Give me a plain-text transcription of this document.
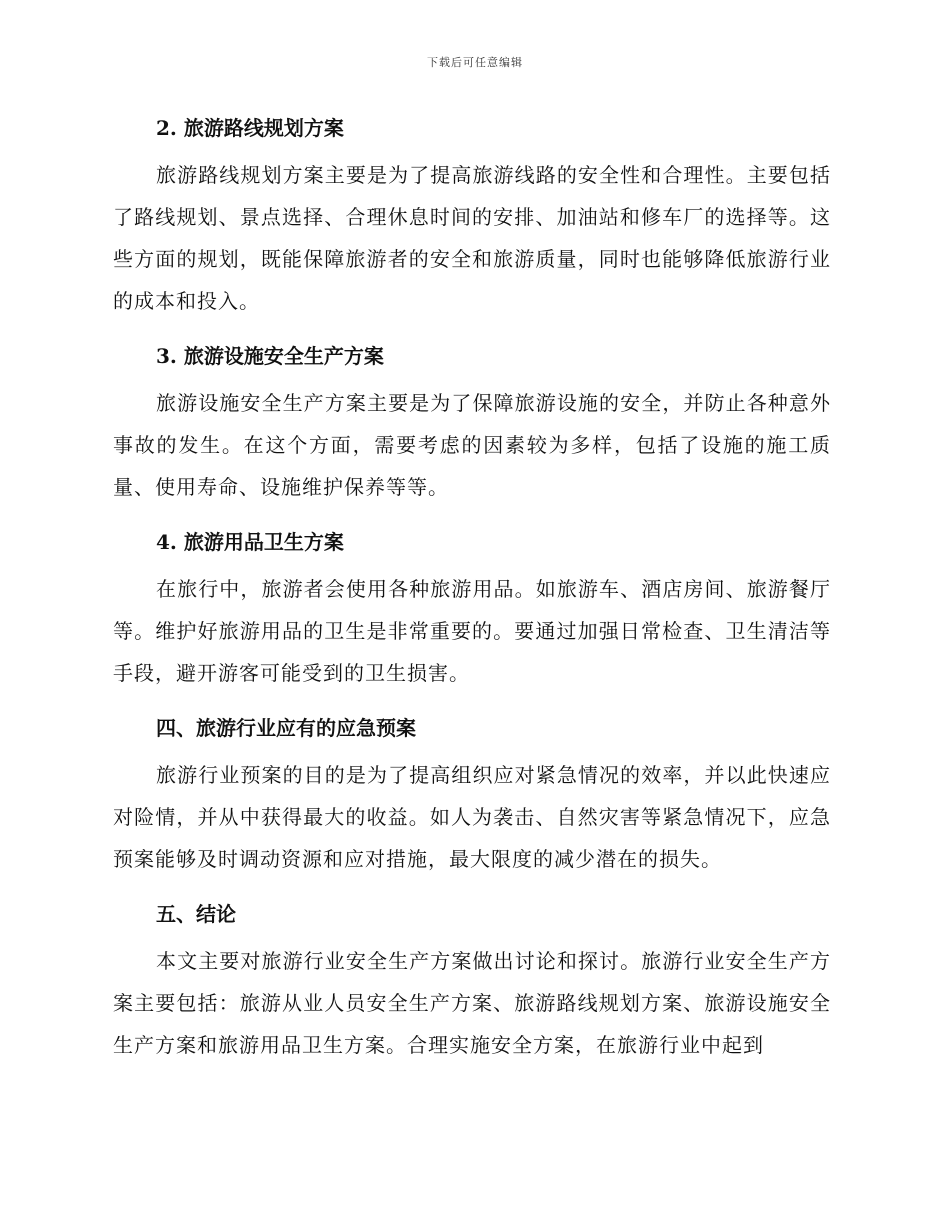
下载后可任意编辑
2. 旅游路线规划方案

旅游路线规划方案主要是为了提高旅游线路的安全性和合理性。主要包括了路线规划、景点选择、合理休息时间的安排、加油站和修车厂的选择等。这些方面的规划，既能保障旅游者的安全和旅游质量，同时也能够降低旅游行业的成本和投入。

3. 旅游设施安全生产方案

旅游设施安全生产方案主要是为了保障旅游设施的安全，并防止各种意外事故的发生。在这个方面，需要考虑的因素较为多样，包括了设施的施工质量、使用寿命、设施维护保养等等。

4. 旅游用品卫生方案

在旅行中，旅游者会使用各种旅游用品。如旅游车、酒店房间、旅游餐厅等。维护好旅游用品的卫生是非常重要的。要通过加强日常检查、卫生清洁等手段，避开游客可能受到的卫生损害。

四、旅游行业应有的应急预案

旅游行业预案的目的是为了提高组织应对紧急情况的效率，并以此快速应对险情，并从中获得最大的收益。如人为袭击、自然灾害等紧急情况下，应急预案能够及时调动资源和应对措施，最大限度的减少潜在的损失。

五、结论

本文主要对旅游行业安全生产方案做出讨论和探讨。旅游行业安全生产方案主要包括：旅游从业人员安全生产方案、旅游路线规划方案、旅游设施安全生产方案和旅游用品卫生方案。合理实施安全方案，在旅游行业中起到
